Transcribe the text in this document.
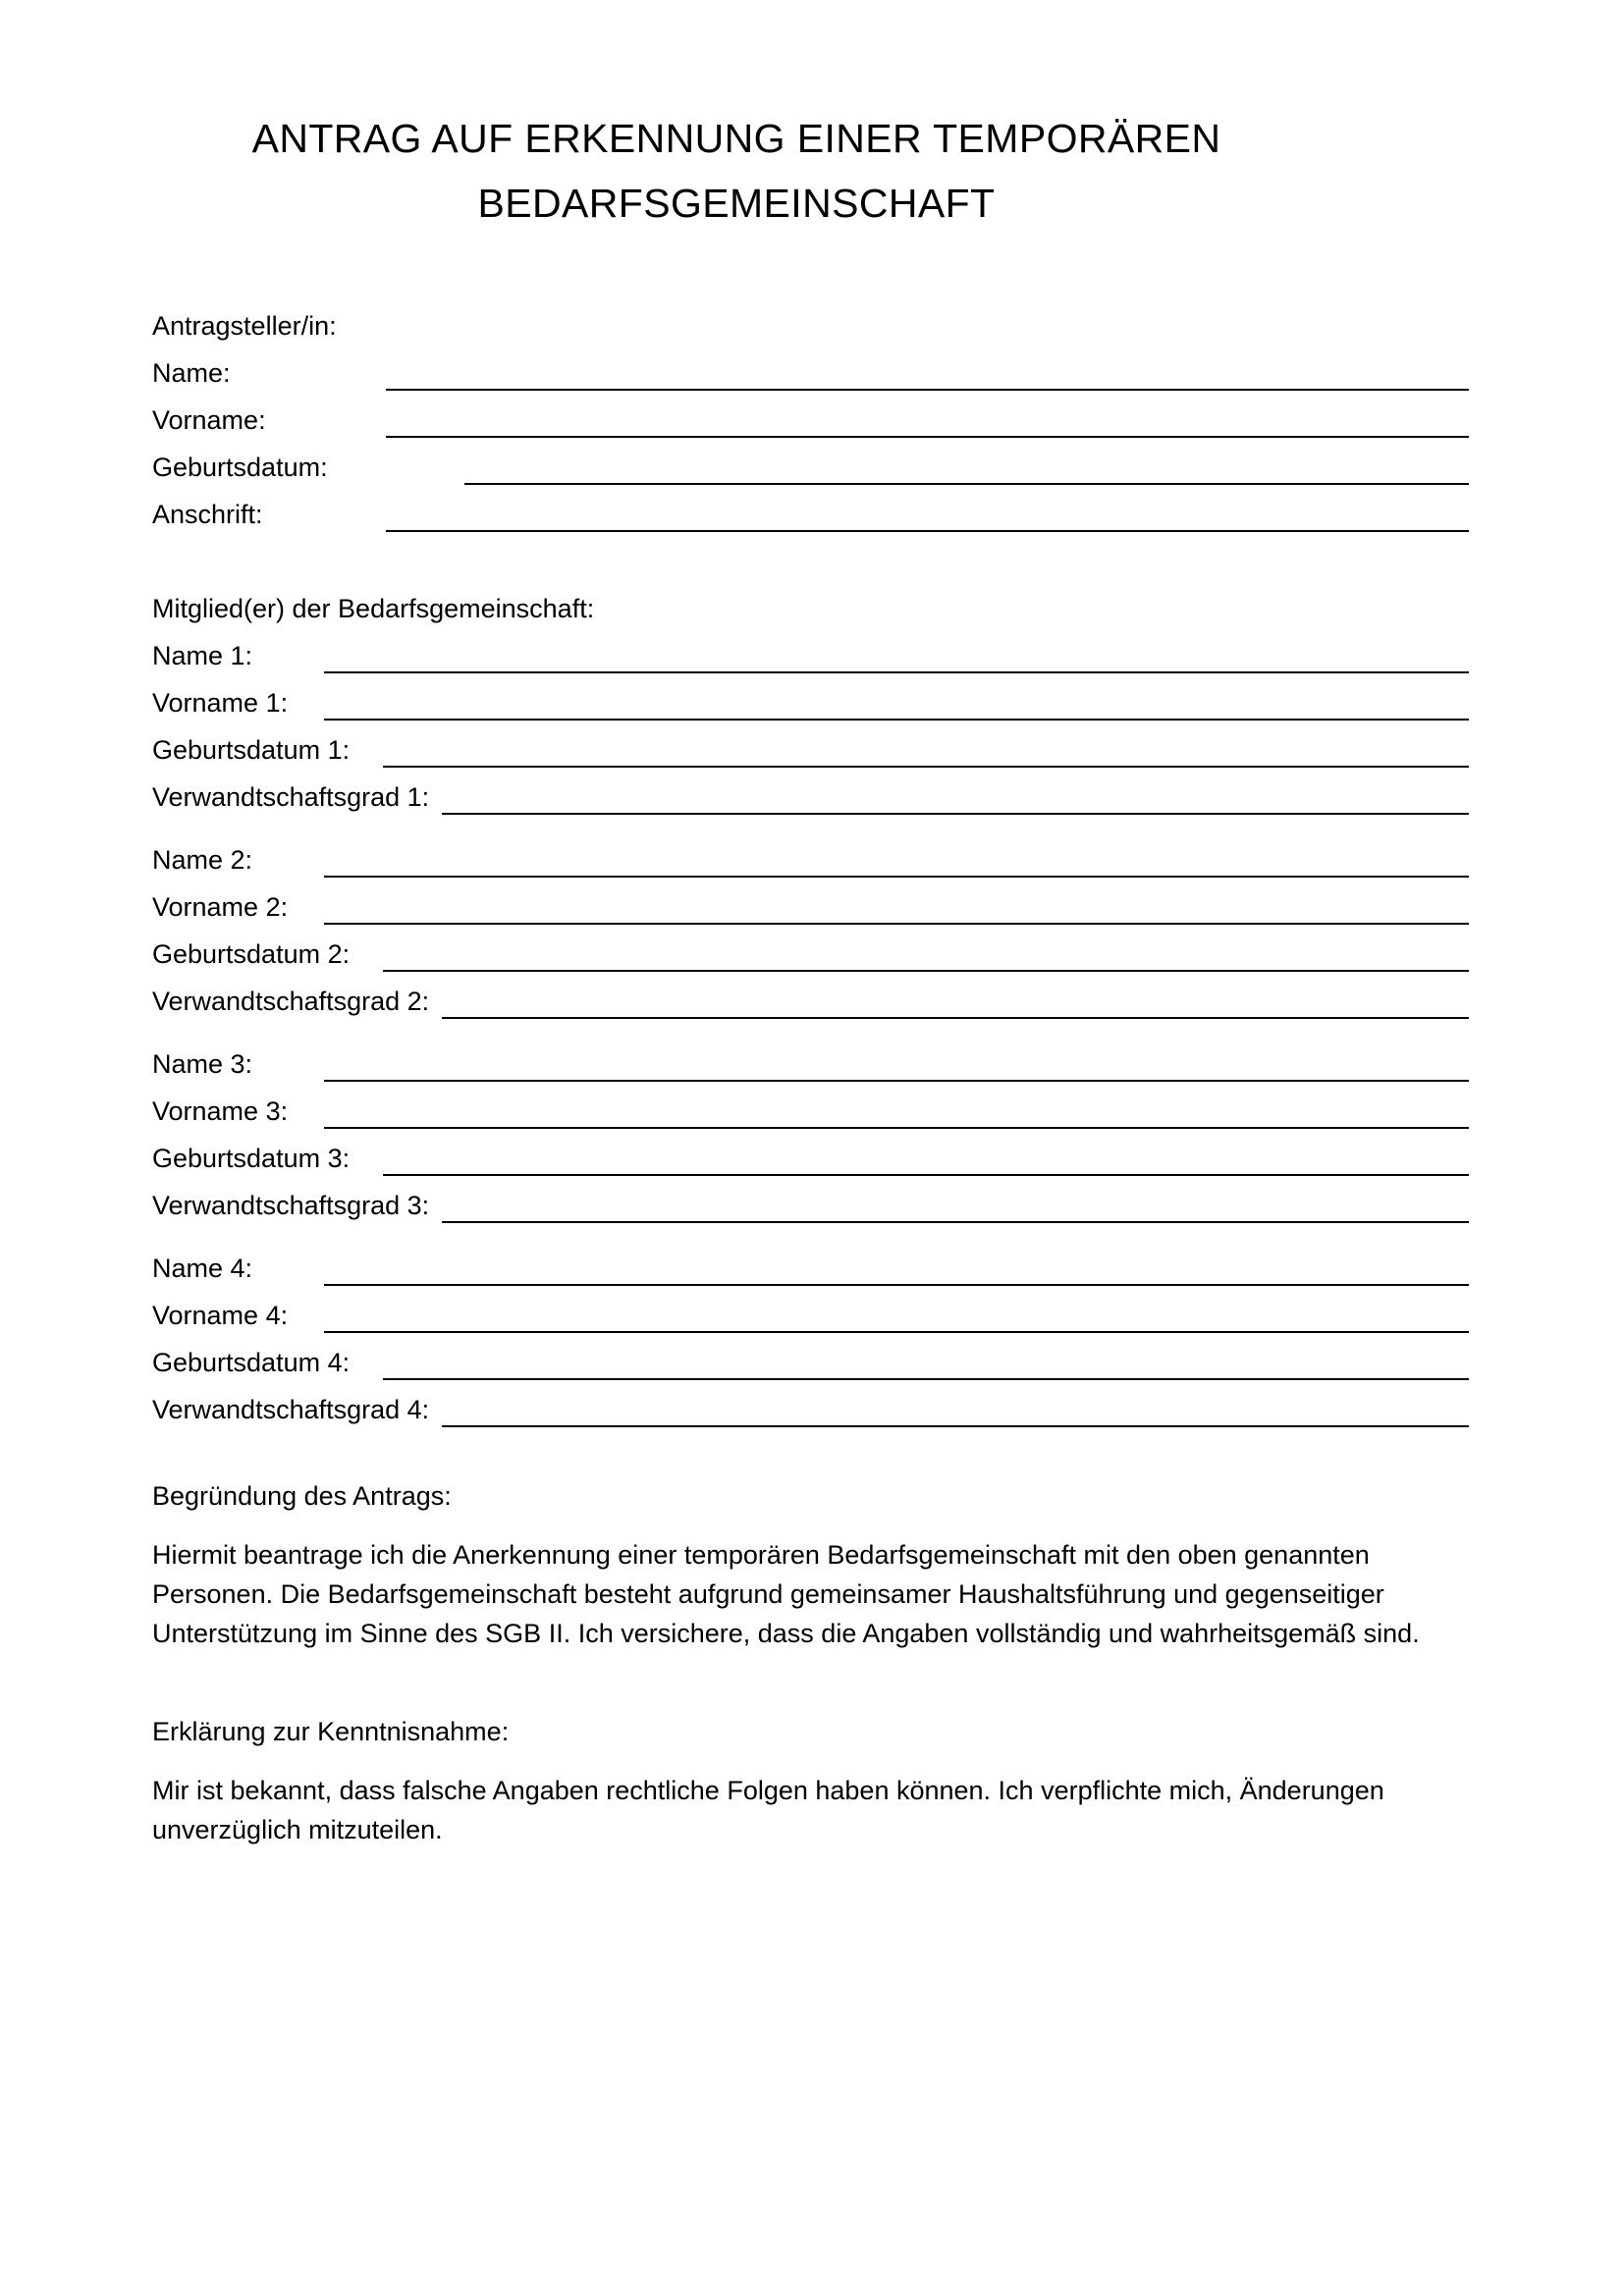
ANTRAG AUF ERKENNUNG EINER TEMPORÄREN
BEDARFSGEMEINSCHAFT
Antragsteller/in:
Name:
Vorname:
Geburtsdatum:
Anschrift:
Mitglied(er) der Bedarfsgemeinschaft:
Name 1:
Vorname 1:
Geburtsdatum 1:
Verwandtschaftsgrad 1:
Name 2:
Vorname 2:
Geburtsdatum 2:
Verwandtschaftsgrad 2:
Name 3:
Vorname 3:
Geburtsdatum 3:
Verwandtschaftsgrad 3:
Name 4:
Vorname 4:
Geburtsdatum 4:
Verwandtschaftsgrad 4:
Begründung des Antrags:
Hiermit beantrage ich die Anerkennung einer temporären Bedarfsgemeinschaft mit den oben genannten Personen. Die Bedarfsgemeinschaft besteht aufgrund gemeinsamer Haushaltsführung und gegenseitiger Unterstützung im Sinne des SGB II. Ich versichere, dass die Angaben vollständig und wahrheitsgemäß sind.
Erklärung zur Kenntnisnahme:
Mir ist bekannt, dass falsche Angaben rechtliche Folgen haben können. Ich verpflichte mich, Änderungen unverzüglich mitzuteilen.
